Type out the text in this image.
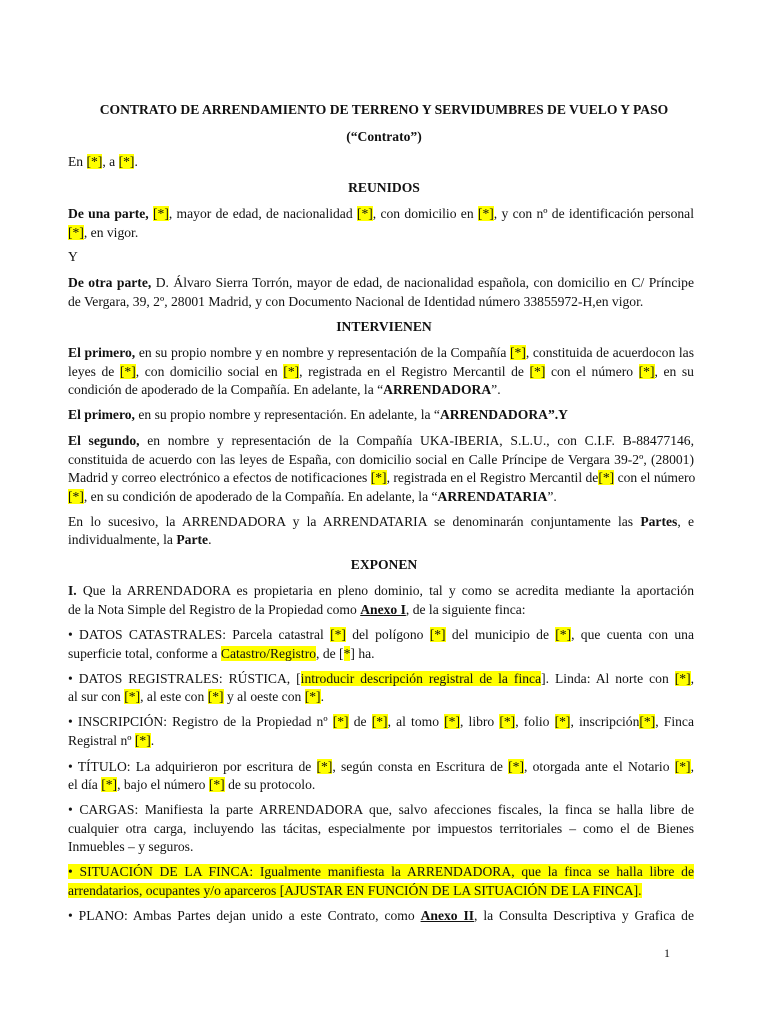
CONTRATO DE ARRENDAMIENTO DE TERRENO Y SERVIDUMBRES DE VUELO Y PASO
(“Contrato”)
En [*], a [*].
REUNIDOS
De una parte, [*], mayor de edad, de nacionalidad [*], con domicilio en [*], y con nº de identificación personal
[*], en vigor.
Y
De otra parte, D. Álvaro Sierra Torrón, mayor de edad, de nacionalidad española, con domicilio en C/ Príncipe
de Vergara, 39, 2º, 28001 Madrid, y con Documento Nacional de Identidad número 33855972-H,en vigor.
INTERVIENEN
El primero, en su propio nombre y en nombre y representación de la Compañía [*], constituida de acuerdocon las
leyes de [*], con domicilio social en [*], registrada en el Registro Mercantil de [*] con el número [*], en su
condición de apoderado de la Compañía. En adelante, la “ARRENDADORA”.
El primero, en su propio nombre y representación. En adelante, la “ARRENDADORA”.Y
El segundo, en nombre y representación de la Compañía UKA-IBERIA, S.L.U., con C.I.F. B-88477146,
constituida de acuerdo con las leyes de España, con domicilio social en Calle Príncipe de Vergara 39-2º, (28001)
Madrid y correo electrónico a efectos de notificaciones [*], registrada en el Registro Mercantil de[*] con el número
[*], en su condición de apoderado de la Compañía. En adelante, la “ARRENDATARIA”.
En lo sucesivo, la ARRENDADORA y la ARRENDATARIA se denominarán conjuntamente las Partes, e
individualmente, la Parte.
EXPONEN
I. Que la ARRENDADORA es propietaria en pleno dominio, tal y como se acredita mediante la aportación
de la Nota Simple del Registro de la Propiedad como Anexo I, de la siguiente finca:
• DATOS CATASTRALES: Parcela catastral [*] del polígono [*] del municipio de [*], que cuenta con una
superficie total, conforme a Catastro/Registro, de [*] ha.
• DATOS REGISTRALES: RÚSTICA, [introducir descripción registral de la finca]. Linda: Al norte con [*],
al sur con [*], al este con [*] y al oeste con [*].
• INSCRIPCIÓN: Registro de la Propiedad nº [*] de [*], al tomo [*], libro [*], folio [*], inscripción[*], Finca
Registral nº [*].
• TÍTULO: La adquirieron por escritura de [*], según consta en Escritura de [*], otorgada ante el Notario [*],
el día [*], bajo el número [*] de su protocolo.
• CARGAS: Manifiesta la parte ARRENDADORA que, salvo afecciones fiscales, la finca se halla libre de
cualquier otra carga, incluyendo las tácitas, especialmente por impuestos territoriales – como el de Bienes
Inmuebles – y seguros.
• SITUACIÓN DE LA FINCA: Igualmente manifiesta la ARRENDADORA, que la finca se halla libre de
arrendatarios, ocupantes y/o aparceros [AJUSTAR EN FUNCIÓN DE LA SITUACIÓN DE LA FINCA].
• PLANO: Ambas Partes dejan unido a este Contrato, como Anexo II, la Consulta Descriptiva y Grafica de
1
